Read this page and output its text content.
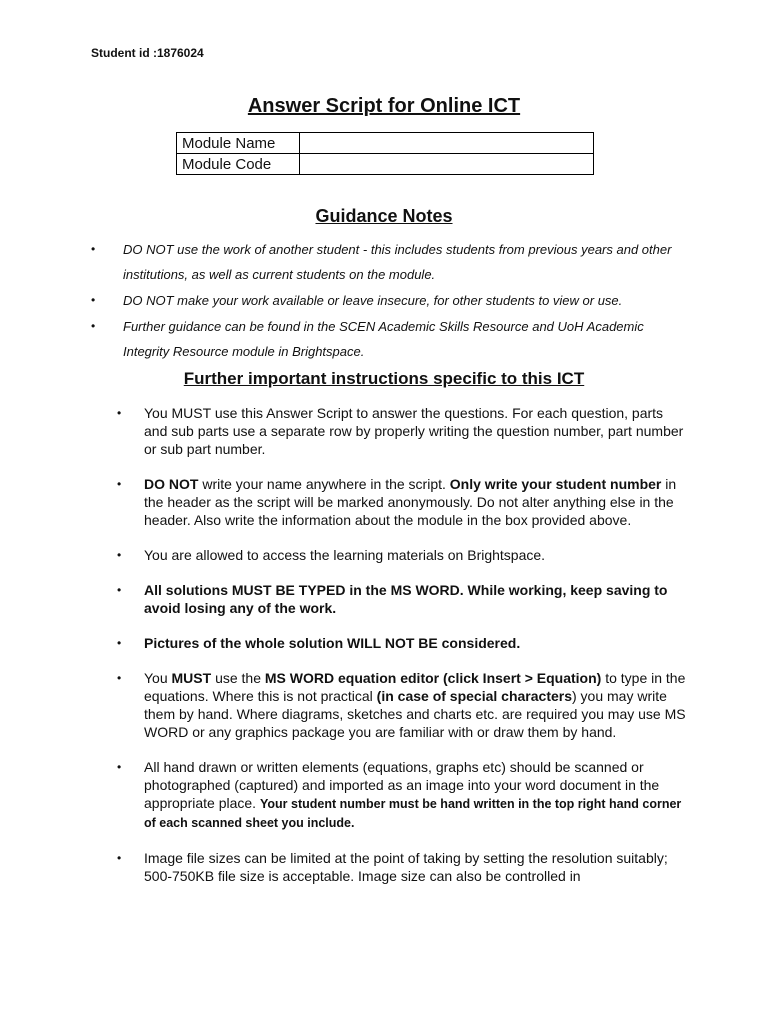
Student id :1876024
Answer Script for Online ICT
Module Name	
Module Code	
Guidance Notes
• DO NOT use the work of another student - this includes students from previous years and other institutions, as well as current students on the module.
• DO NOT make your work available or leave insecure, for other students to view or use.
• Further guidance can be found in the SCEN Academic Skills Resource and UoH Academic Integrity Resource module in Brightspace.
Further important instructions specific to this ICT
• You MUST use this Answer Script to answer the questions. For each question, parts and sub parts use a separate row by properly writing the question number, part number or sub part number.
• DO NOT write your name anywhere in the script. Only write your student number in the header as the script will be marked anonymously. Do not alter anything else in the header. Also write the information about the module in the box provided above.
• You are allowed to access the learning materials on Brightspace.
• All solutions MUST BE TYPED in the MS WORD. While working, keep saving to avoid losing any of the work.
• Pictures of the whole solution WILL NOT BE considered.
• You MUST use the MS WORD equation editor (click Insert > Equation) to type in the equations. Where this is not practical (in case of special characters) you may write them by hand. Where diagrams, sketches and charts etc. are required you may use MS WORD or any graphics package you are familiar with or draw them by hand.
• All hand drawn or written elements (equations, graphs etc) should be scanned or photographed (captured) and imported as an image into your word document in the appropriate place. Your student number must be hand written in the top right hand corner of each scanned sheet you include.
• Image file sizes can be limited at the point of taking by setting the resolution suitably; 500-750KB file size is acceptable. Image size can also be controlled in
